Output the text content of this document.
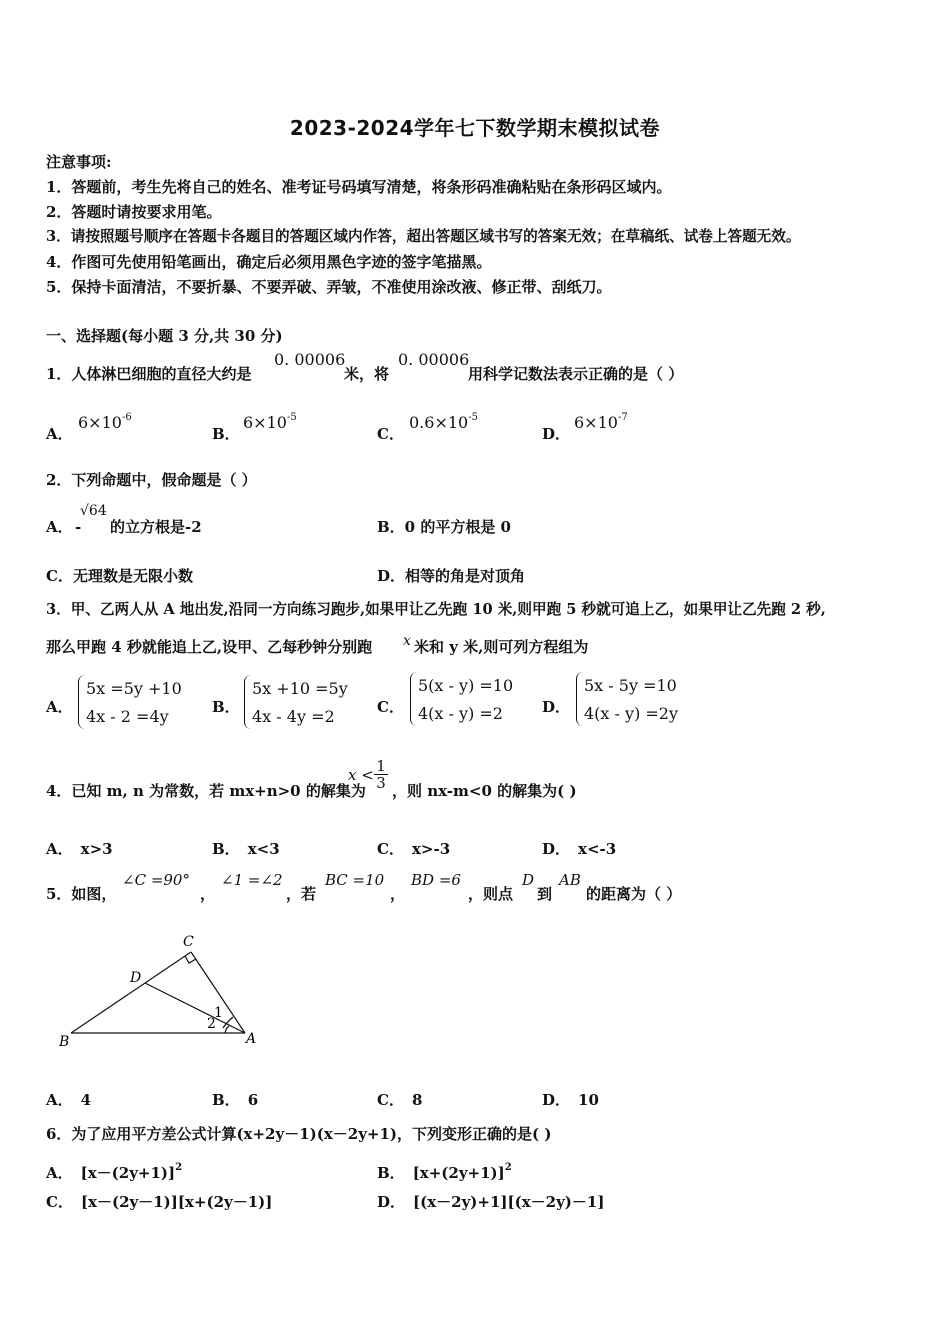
2023-2024学年七下数学期末模拟试卷
注意事项:
1．答题前，考生先将自己的姓名、准考证号码填写清楚，将条形码准确粘贴在条形码区域内。
2．答题时请按要求用笔。
3．请按照题号顺序在答题卡各题目的答题区域内作答，超出答题区域书写的答案无效；在草稿纸、试卷上答题无效。
4．作图可先使用铅笔画出，确定后必须用黑色字迹的签字笔描黑。
5．保持卡面清洁，不要折暴、不要弄破、弄皱，不准使用涂改液、修正带、刮纸刀。
一、选择题(每小题 3 分,共 30 分)
1．人体淋巴细胞的直径大约是
0. 00006
米，将
0. 00006
用科学记数法表示正确的是（ ）
A．
$6\times 10^{-6}$
B．
$6\times 10^{-5}$
C．
$0.6\times 10^{-5}$
D．
$6\times 10^{-7}$
2．下列命题中，假命题是（ ）
A． -
√64
的立方根是-2	B．0 的平方根是 0
C．无理数是无限小数	D．相等的角是对顶角
3．甲、乙两人从 A 地出发,沿同一方向练习跑步,如果甲让乙先跑 10 米,则甲跑 5 秒就可追上乙，如果甲让乙先跑 2 秒,
那么甲跑 4 秒就能追上乙,设甲、乙每秒钟分别跑 x 米和 y 米,则可列方程组为
A．
5x =5y +10
4x - 2 =4y	B．
5x +10 =5y
4x - 4y =2	C．
5(x - y) =10
4(x - y) =2	D．
5x - 5y =10
4(x - y) =2y
4．已知 m, n 为常数，若 mx+n>0 的解集为
$x < \frac{1}{3}$ ，则 nx-m<0 的解集为( )
A． x>3	B． x<3	C． x>-3	D． x<-3
5．如图，
∠C =90°
，
∠1 =∠2
，若
BC =10
，
BD =6
，则点
D
到
AB
的距离为（ ）
C
D
B	A
1
2
A． 4	B． 6	C． 8	D． 10
6．为了应用平方差公式计算(x+2y－1)(x－2y+1)，下列变形正确的是( )
A． $[x-(2y+1)]^2$	B． $[x+(2y+1)]^2$
C． [x－(2y－1)][x+(2y－1)]	D． [(x－2y)+1][(x－2y)－1]
